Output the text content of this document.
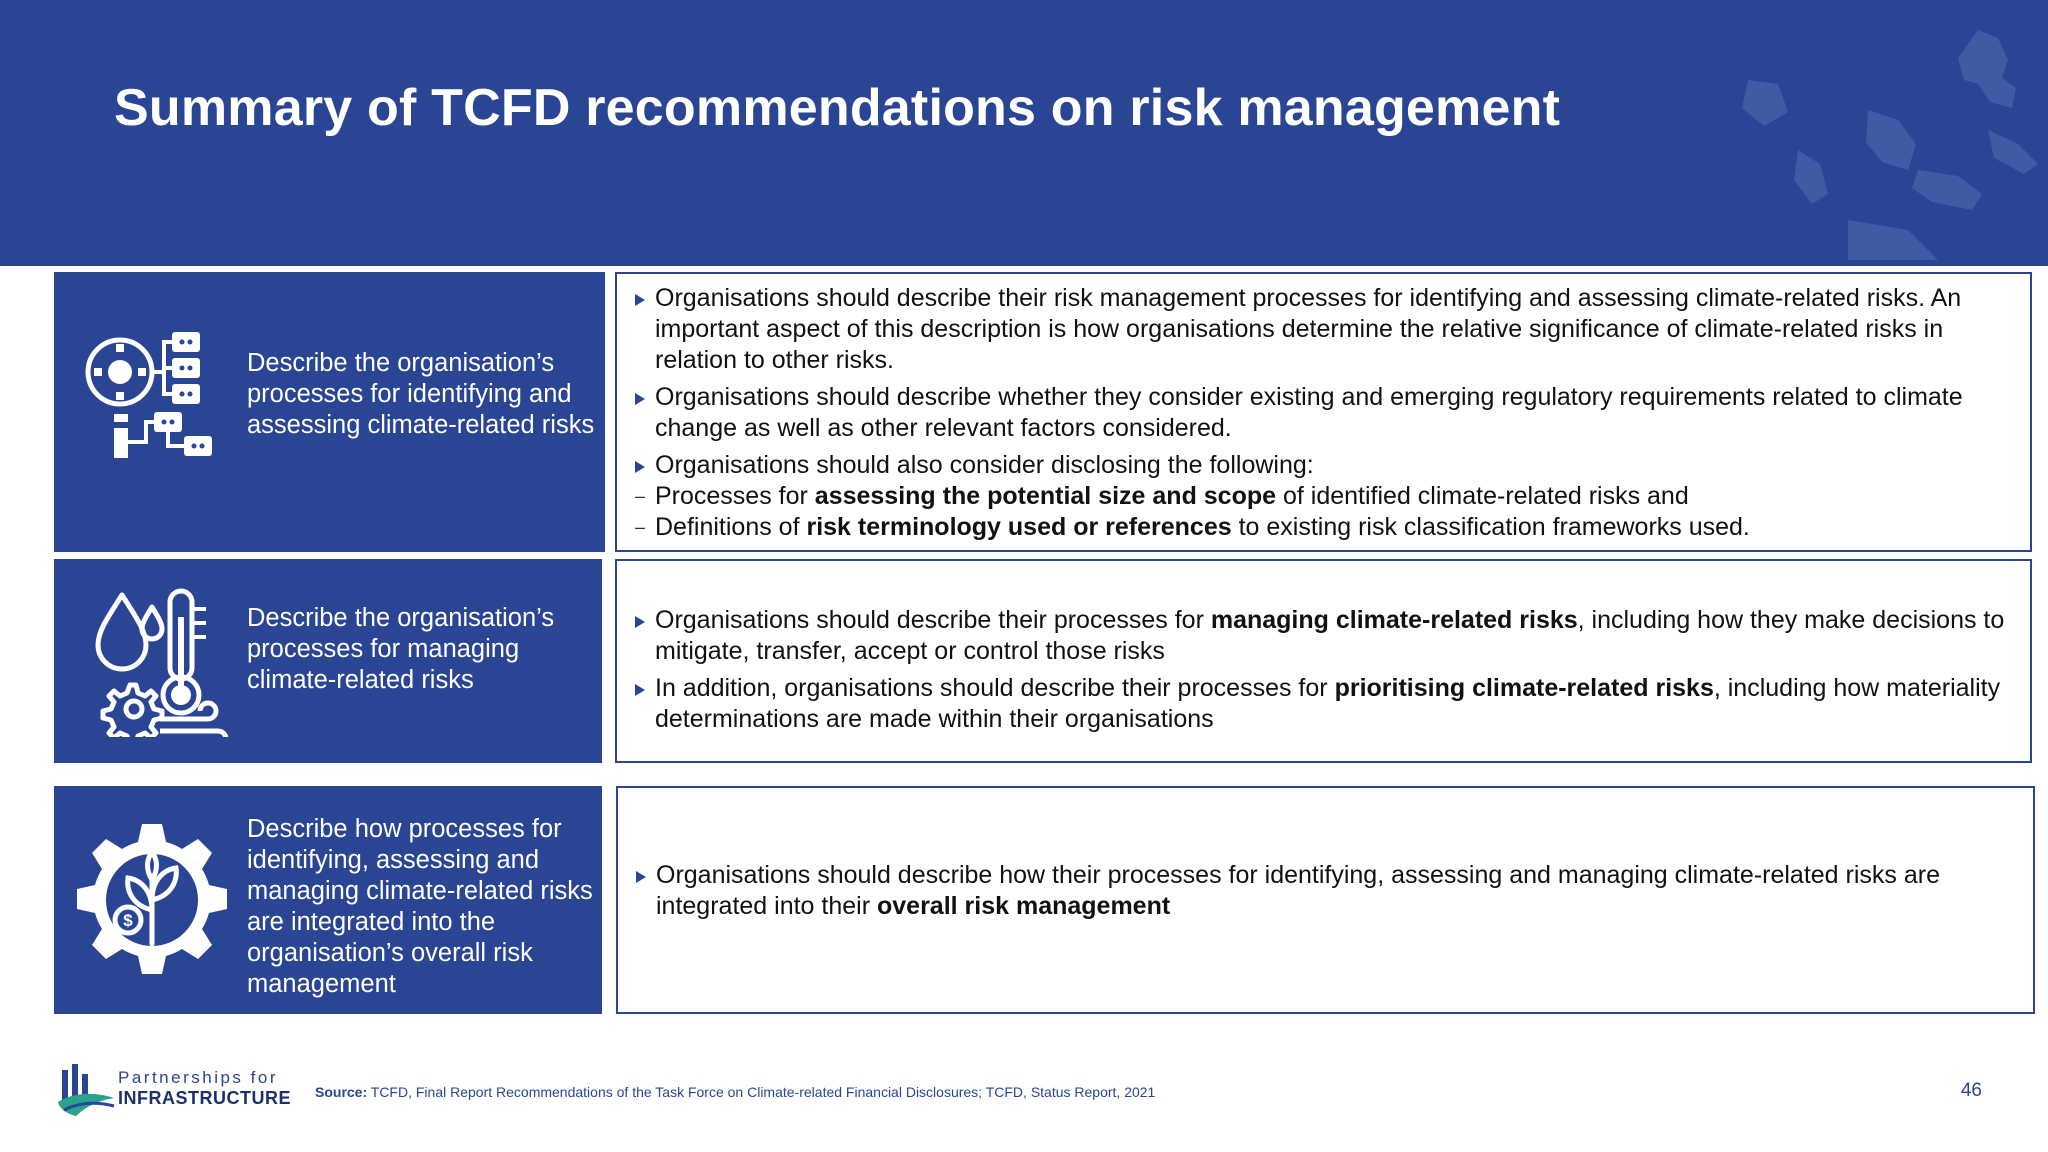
Summary of TCFD recommendations on risk management
Describe the organisation’s processes for identifying and assessing climate-related risks
Organisations should describe their risk management processes for identifying and assessing climate-related risks. An important aspect of this description is how organisations determine the relative significance of climate-related risks in relation to other risks.
Organisations should describe whether they consider existing and emerging regulatory requirements related to climate change as well as other relevant factors considered.
Organisations should also consider disclosing the following:
– Processes for assessing the potential size and scope of identified climate-related risks and
– Definitions of risk terminology used or references to existing risk classification frameworks used.
Describe the organisation’s processes for managing climate-related risks
Organisations should describe their processes for managing climate-related risks, including how they make decisions to mitigate, transfer, accept or control those risks
In addition, organisations should describe their processes for prioritising climate-related risks, including how materiality determinations are made within their organisations
$
Describe how processes for identifying, assessing and managing climate-related risks are integrated into the organisation’s overall risk management
Organisations should describe how their processes for identifying, assessing and managing climate-related risks are integrated into their overall risk management
Partnerships for
INFRASTRUCTURE Source: TCFD, Final Report Recommendations of the Task Force on Climate-related Financial Disclosures; TCFD, Status Report, 2021	46
